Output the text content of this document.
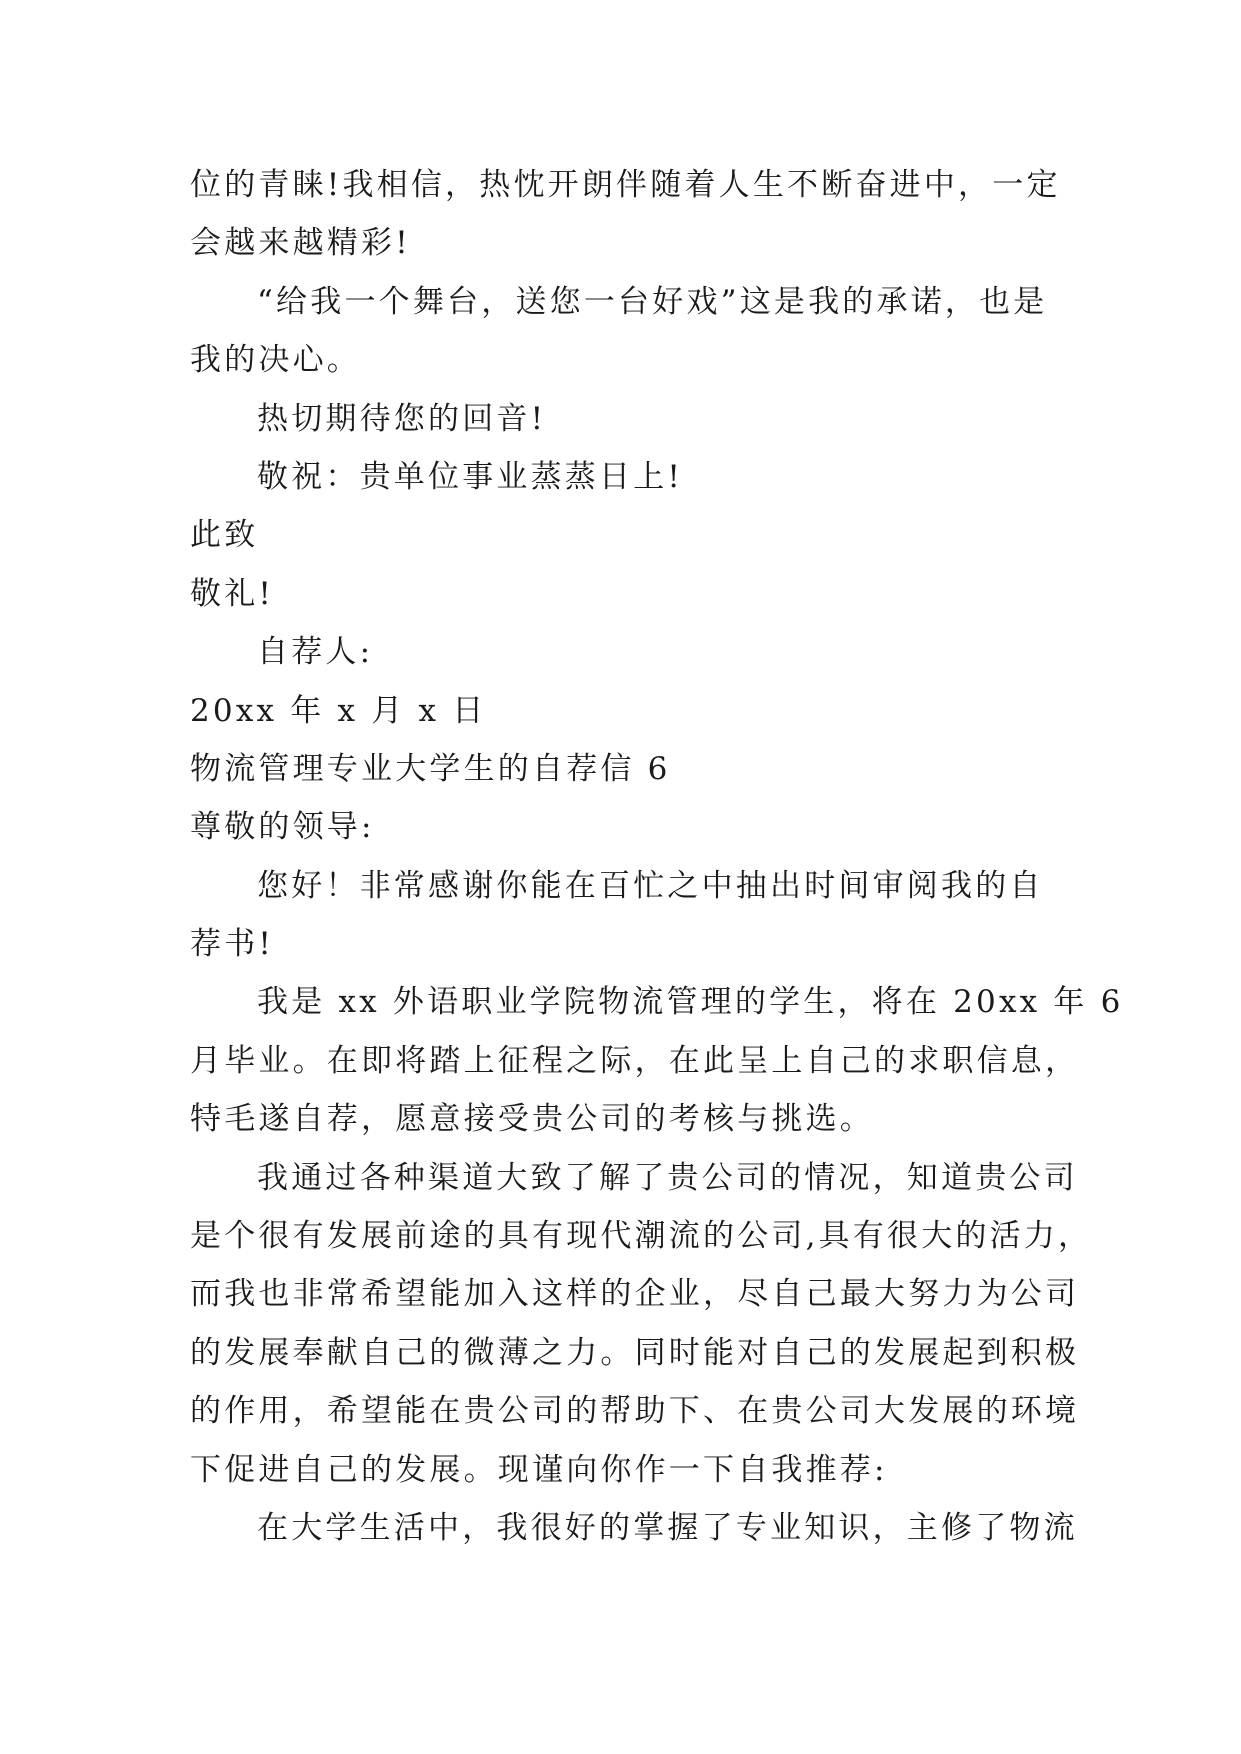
位的青睐!我相信，热忱开朗伴随着人生不断奋进中，一定
会越来越精彩!
“给我一个舞台，送您一台好戏”这是我的承诺，也是
我的决心。
热切期待您的回音!
敬祝：贵单位事业蒸蒸日上!
此致
敬礼!
自荐人:
20xx 年 x 月 x 日
物流管理专业大学生的自荐信 6
尊敬的领导:
您好！非常感谢你能在百忙之中抽出时间审阅我的自
荐书!
我是 xx 外语职业学院物流管理的学生，将在 20xx 年 6
月毕业。在即将踏上征程之际，在此呈上自己的求职信息，
特毛遂自荐，愿意接受贵公司的考核与挑选。
我通过各种渠道大致了解了贵公司的情况，知道贵公司
是个很有发展前途的具有现代潮流的公司,具有很大的活力，
而我也非常希望能加入这样的企业，尽自己最大努力为公司
的发展奉献自己的微薄之力。同时能对自己的发展起到积极
的作用，希望能在贵公司的帮助下、在贵公司大发展的环境
下促进自己的发展。现谨向你作一下自我推荐:
在大学生活中，我很好的掌握了专业知识，主修了物流
